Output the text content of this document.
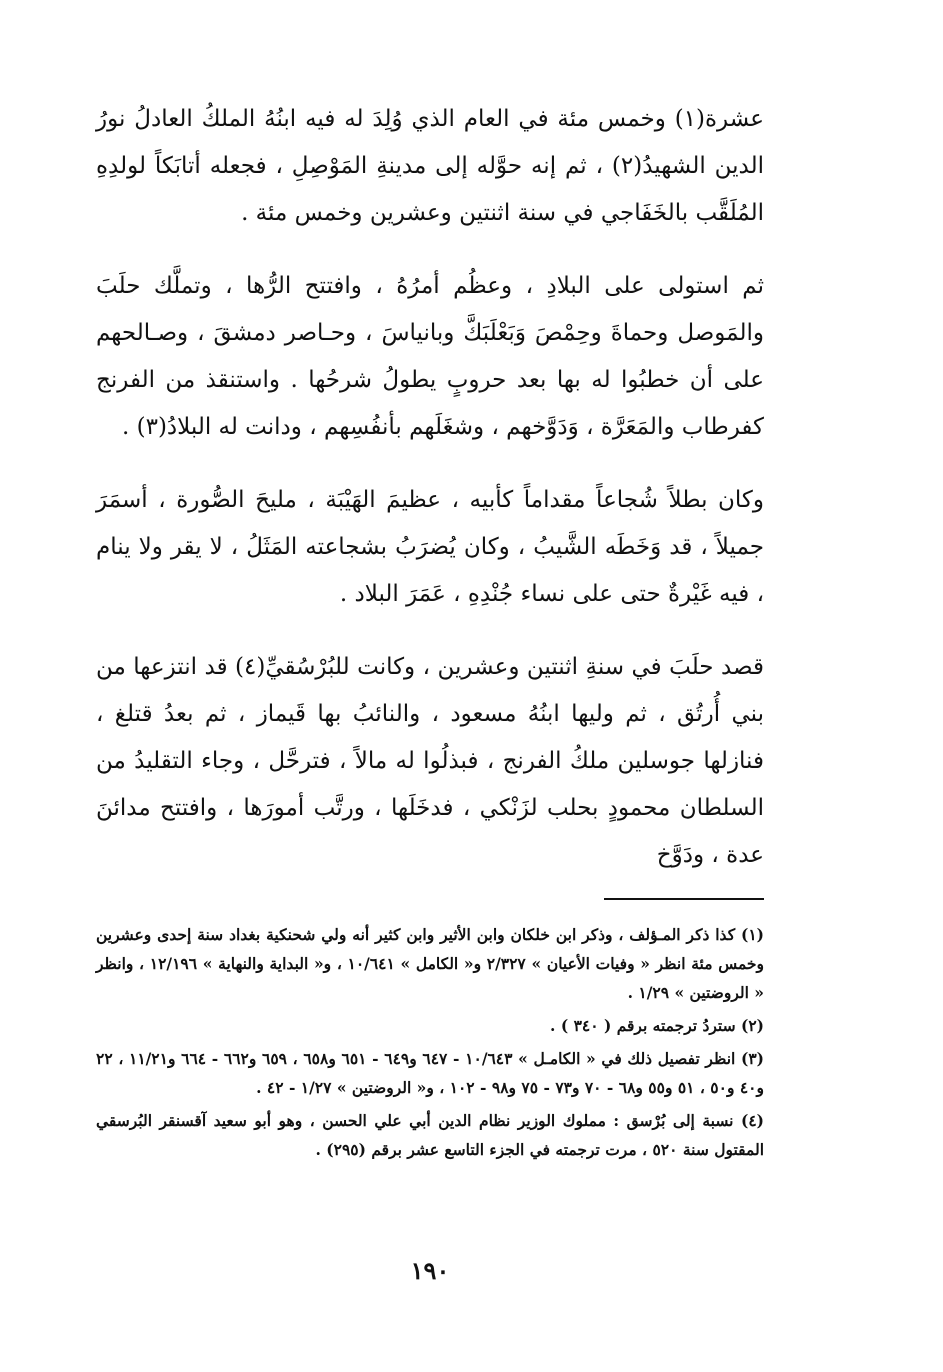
عشرة(١) وخمس مئة في العام الذي وُلِدَ له فيه ابنُهُ الملكُ العادلُ نورُ الدين الشهيدُ(٢) ، ثم إنه حوَّله إلى مدينةِ المَوْصِلِ ، فجعله أتابَكاً لولدِهِ المُلَقَّب بالخَفَاجي في سنة اثنتين وعشرين وخمس مئة .

ثم استولى على البلادِ ، وعظُم أمرُهُ ، وافتتح الرُّها ، وتملَّك حلَبَ والمَوصل وحماةَ وحِمْصَ وَبَعْلَبَكَّ وبانياسَ ، وحـاصر دمشقَ ، وصـالحهم على أن خطبُوا له بها بعد حروبٍ يطولُ شرحُها . واستنقذ من الفرنج كفرطاب والمَعَرَّة ، وَدَوَّخهم ، وشغَلَهم بأنفُسِهم ، ودانت له البلادُ(٣) .

وكان بطلاً شُجاعاً مقداماً كأبيه ، عظيمَ الهَيْبَة ، مليحَ الصُّورة ، أسمَرَ جميلاً ، قد وَخَطَه الشَّيبُ ، وكان يُضرَبُ بشجاعته المَثَلُ ، لا يقر ولا ينام ، فيه غَيْرةٌ حتى على نساء جُنْدِهِ ، عَمَرَ البلاد .

قصد حلَبَ في سنةِ اثنتين وعشرين ، وكانت للبُرْسُقيِّ(٤) قد انتزعها من بني أُرتُق ، ثم وليها ابنُهُ مسعود ، والنائبُ بها قَيماز ، ثم بعدُ قتلغ ، فنازلها جوسلين ملكُ الفرنج ، فبذلُوا له مالاً ، فترحَّل ، وجاء التقليدُ من السلطان محمودٍ بحلب لزَنْكي ، فدخَلَها ، ورتَّب أمورَها ، وافتتح مدائنَ عدة ، ودَوَّخ

(١) كذا ذكر المـؤلف ، وذكر ابن خلكان وابن الأثير وابن كثير أنه ولي شحنكية بغداد سنة إحدى وعشرين وخمس مئة انظر « وفيات الأعيان » ٢/٣٢٧ و« الكامل » ١٠/٦٤١ ، و« البداية والنهاية » ١٢/١٩٦ ، وانظر « الروضتين » ١/٢٩ .

(٢) ستردُ ترجمته برقم ( ٣٤٠ ) .

(٣) انظر تفصيل ذلك في « الكامـل » ١٠/٦٤٣ - ٦٤٧ و٦٤٩ - ٦٥١ و٦٥٨ ، ٦٥٩ و٦٦٢ - ٦٦٤ و١١/٢١ ، ٢٢ و٤٠ و٥٠ ، ٥١ و٥٥ و٦٨ - ٧٠ و٧٣ - ٧٥ و٩٨ - ١٠٢ ، و« الروضتين » ١/٢٧ - ٤٢ .

(٤) نسبة إلى بُرْسق : مملوك الوزير نظام الدين أبي علي الحسن ، وهو أبو سعيد آقسنقر البُرسقي المقتول سنة ٥٢٠ ، مرت ترجمته في الجزء التاسع عشر برقم (٢٩٥) .

١٩٠
